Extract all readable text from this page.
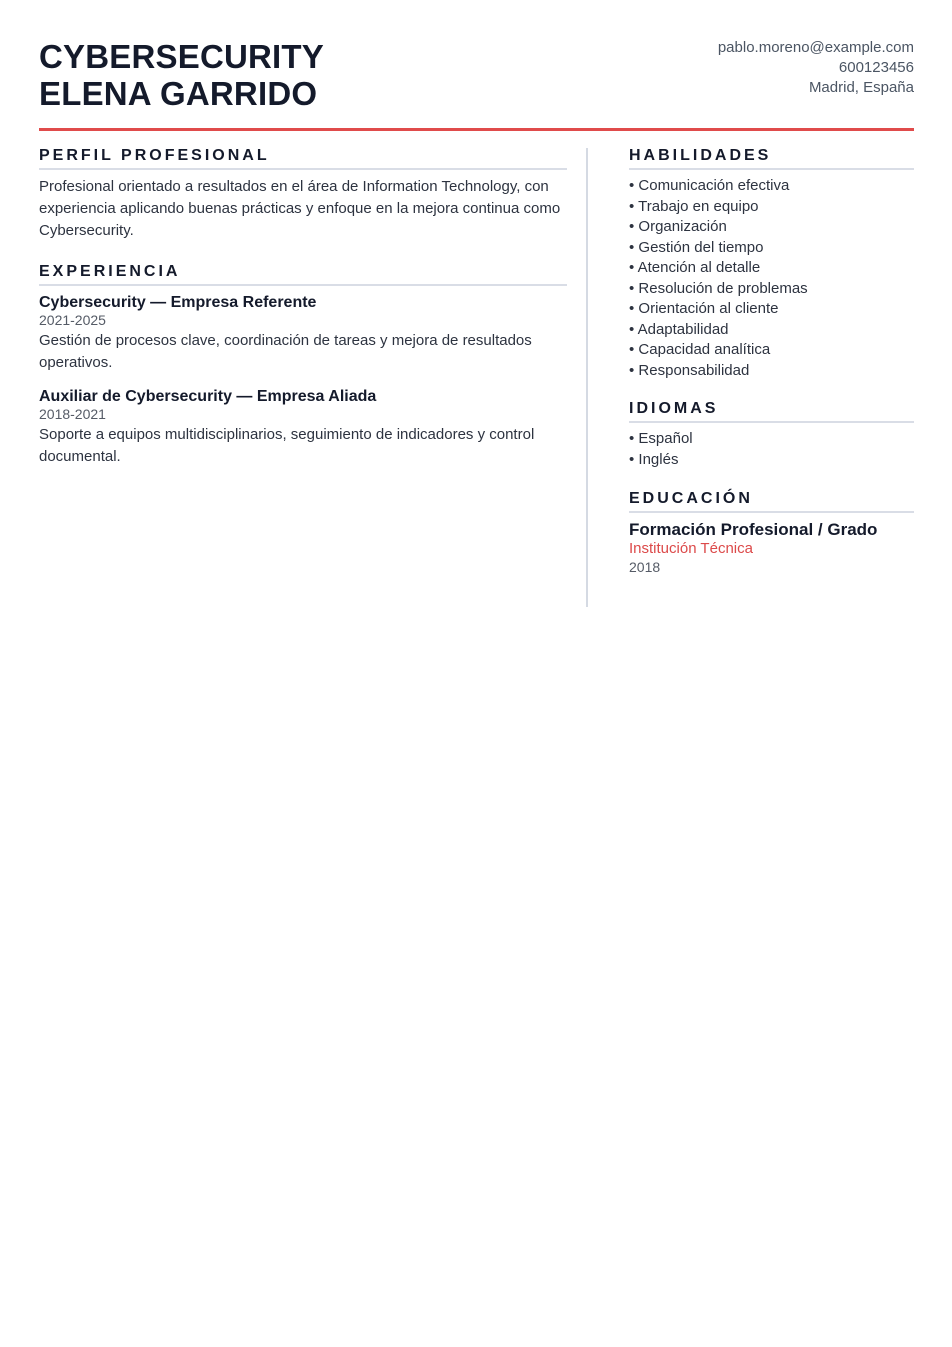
CYBERSECURITY
ELENA GARRIDO
pablo.moreno@example.com
600123456
Madrid, España
PERFIL PROFESIONAL
Profesional orientado a resultados en el área de Information Technology, con experiencia aplicando buenas prácticas y enfoque en la mejora continua como Cybersecurity.
EXPERIENCIA
Cybersecurity — Empresa Referente
2021-2025
Gestión de procesos clave, coordinación de tareas y mejora de resultados operativos.
Auxiliar de Cybersecurity — Empresa Aliada
2018-2021
Soporte a equipos multidisciplinarios, seguimiento de indicadores y control documental.
HABILIDADES
• Comunicación efectiva
• Trabajo en equipo
• Organización
• Gestión del tiempo
• Atención al detalle
• Resolución de problemas
• Orientación al cliente
• Adaptabilidad
• Capacidad analítica
• Responsabilidad
IDIOMAS
• Español
• Inglés
EDUCACIÓN
Formación Profesional / Grado
Institución Técnica
2018
